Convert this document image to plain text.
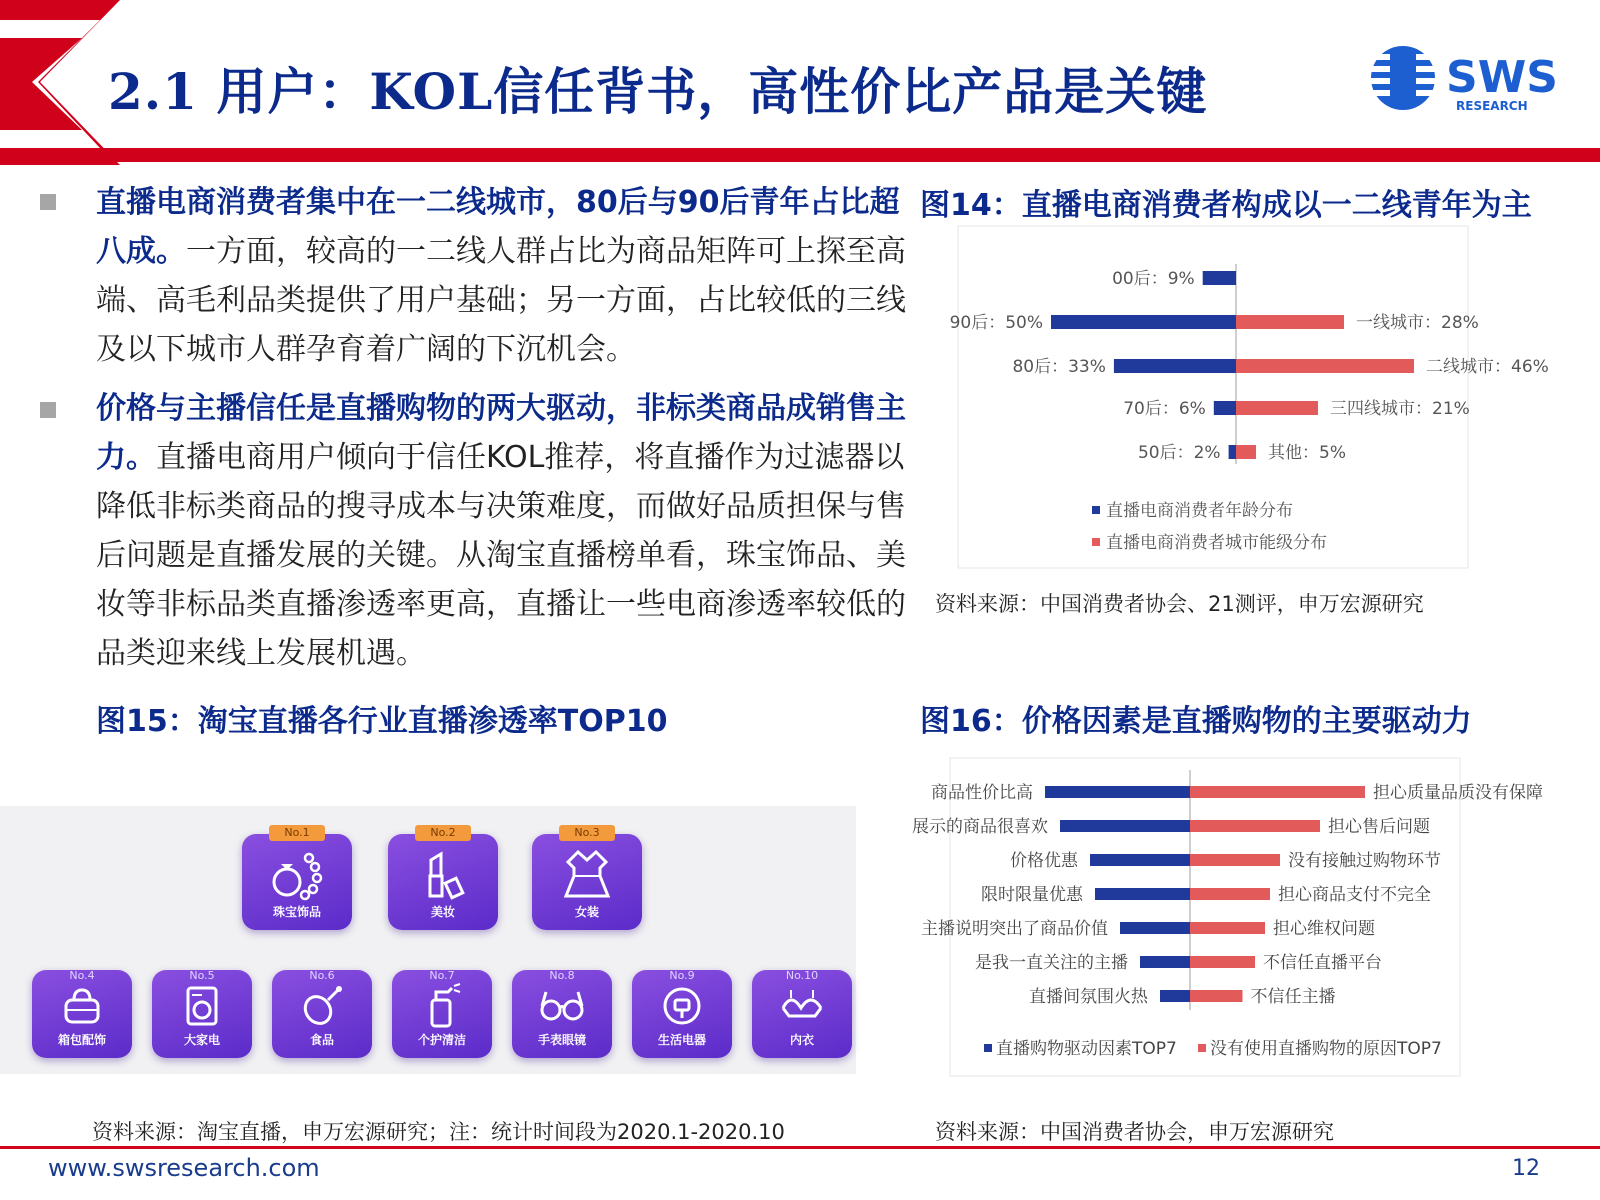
2.1 用户：KOL信任背书，高性价比产品是关键	SWS
RESEARCH
直播电商消费者集中在一二线城市，80后与90后青年占比超八成。一方面，较高的一二线人群占比为商品矩阵可上探至高端、高毛利品类提供了用户基础；另一方面，占比较低的三线及以下城市人群孕育着广阔的下沉机会。
价格与主播信任是直播购物的两大驱动，非标类商品成销售主力。直播电商用户倾向于信任KOL推荐，将直播作为过滤器以降低非标类商品的搜寻成本与决策难度，而做好品质担保与售后问题是直播发展的关键。从淘宝直播榜单看，珠宝饰品、美妆等非标品类直播渗透率更高，直播让一些电商渗透率较低的品类迎来线上发展机遇。
图14：直播电商消费者构成以一二线青年为主
00后：9%
90后：50%
80后：33%
70后：6%
50后：2%
一线城市：28%
二线城市：46%
三四线城市：21%
其他：5%
直播电商消费者年龄分布
直播电商消费者城市能级分布
资料来源：中国消费者协会、21测评，申万宏源研究
图15：淘宝直播各行业直播渗透率TOP10
No.1
珠宝饰品
No.2
美妆
No.3
女装
No.4
箱包配饰
No.5
大家电
No.6
食品
No.7
个护清洁
No.8
手表眼镜
No.9
生活电器
No.10
内衣
资料来源：淘宝直播，申万宏源研究；注：统计时间段为2020.1-2020.10
图16：价格因素是直播购物的主要驱动力
商品性价比高
展示的商品很喜欢
价格优惠
限时限量优惠
主播说明突出了商品价值
是我一直关注的主播
直播间氛围火热
担心质量品质没有保障
担心售后问题
没有接触过购物环节
担心商品支付不完全
担心维权问题
不信任直播平台
不信任主播
直播购物驱动因素TOP7 没有使用直播购物的原因TOP7
资料来源：中国消费者协会，申万宏源研究
www.swsresearch.com	12
